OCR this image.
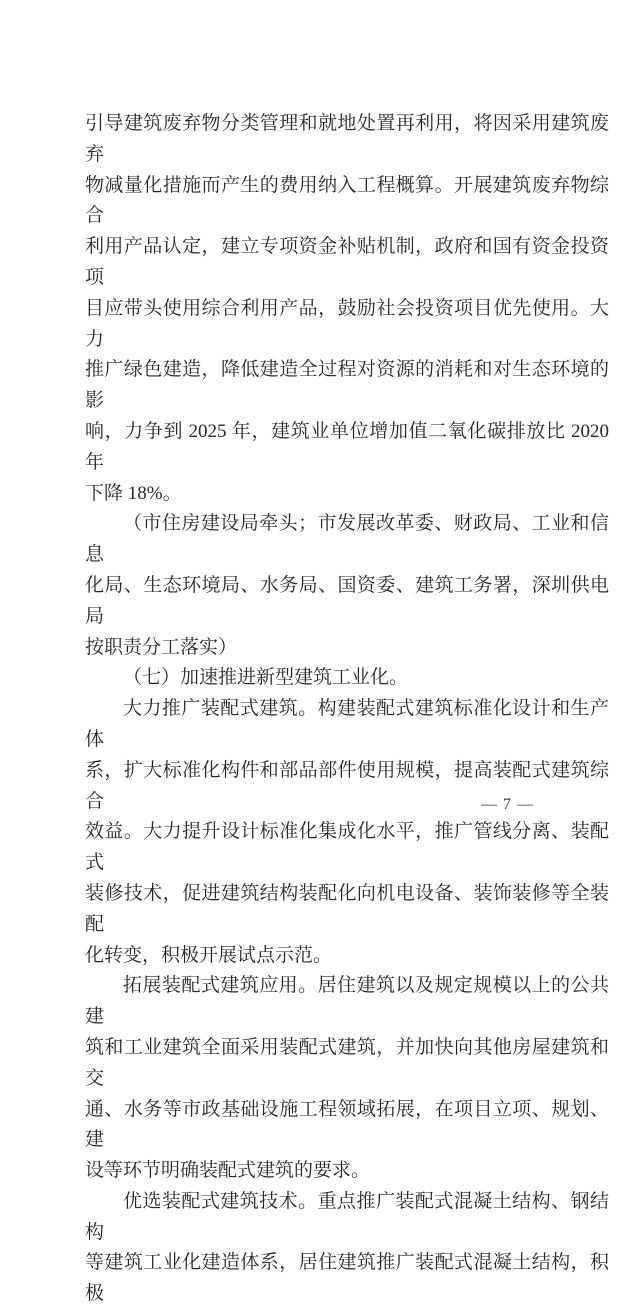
引导建筑废弃物分类管理和就地处置再利用，将因采用建筑废弃

物减量化措施而产生的费用纳入工程概算。开展建筑废弃物综合

利用产品认定，建立专项资金补贴机制，政府和国有资金投资项

目应带头使用综合利用产品，鼓励社会投资项目优先使用。大力

推广绿色建造，降低建造全过程对资源的消耗和对生态环境的影

响，力争到 2025 年，建筑业单位增加值二氧化碳排放比 2020 年

下降 18%。

（市住房建设局牵头；市发展改革委、财政局、工业和信息

化局、生态环境局、水务局、国资委、建筑工务署，深圳供电局

按职责分工落实）

（七）加速推进新型建筑工业化。

大力推广装配式建筑。构建装配式建筑标准化设计和生产体

系，扩大标准化构件和部品部件使用规模，提高装配式建筑综合

效益。大力提升设计标准化集成化水平，推广管线分离、装配式

装修技术，促进建筑结构装配化向机电设备、装饰装修等全装配

化转变，积极开展试点示范。

拓展装配式建筑应用。居住建筑以及规定规模以上的公共建

筑和工业建筑全面采用装配式建筑，并加快向其他房屋建筑和交

通、水务等市政基础设施工程领域拓展，在项目立项、规划、建

设等环节明确装配式建筑的要求。

优选装配式建筑技术。重点推广装配式混凝土结构、钢结构

等建筑工业化建造体系，居住建筑推广装配式混凝土结构，积极

— 7 —
